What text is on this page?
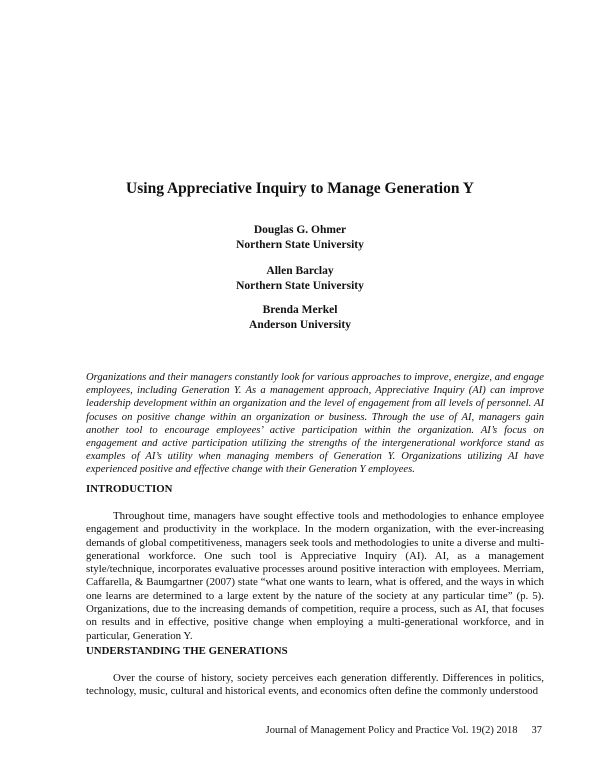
Using Appreciative Inquiry to Manage Generation Y
Douglas G. Ohmer
Northern State University
Allen Barclay
Northern State University
Brenda Merkel
Anderson University

Organizations and their managers constantly look for various approaches to improve, energize, and engage employees, including Generation Y. As a management approach, Appreciative Inquiry (AI) can improve leadership development within an organization and the level of engagement from all levels of personnel. AI focuses on positive change within an organization or business. Through the use of AI, managers gain another tool to encourage employees’ active participation within the organization. AI’s focus on engagement and active participation utilizing the strengths of the intergenerational workforce stand as examples of AI’s utility when managing members of Generation Y. Organizations utilizing AI have experienced positive and effective change with their Generation Y employees.

INTRODUCTION

Throughout time, managers have sought effective tools and methodologies to enhance employee engagement and productivity in the workplace. In the modern organization, with the ever-increasing demands of global competitiveness, managers seek tools and methodologies to unite a diverse and multi-generational workforce. One such tool is Appreciative Inquiry (AI). AI, as a management style/technique, incorporates evaluative processes around positive interaction with employees. Merriam, Caffarella, & Baumgartner (2007) state “what one wants to learn, what is offered, and the ways in which one learns are determined to a large extent by the nature of the society at any particular time” (p. 5). Organizations, due to the increasing demands of competition, require a process, such as AI, that focuses on results and in effective, positive change when employing a multi-generational workforce, and in particular, Generation Y.

UNDERSTANDING THE GENERATIONS

Over the course of history, society perceives each generation differently. Differences in politics, technology, music, cultural and historical events, and economics often define the commonly understood

Journal of Management Policy and Practice Vol. 19(2) 2018 37
